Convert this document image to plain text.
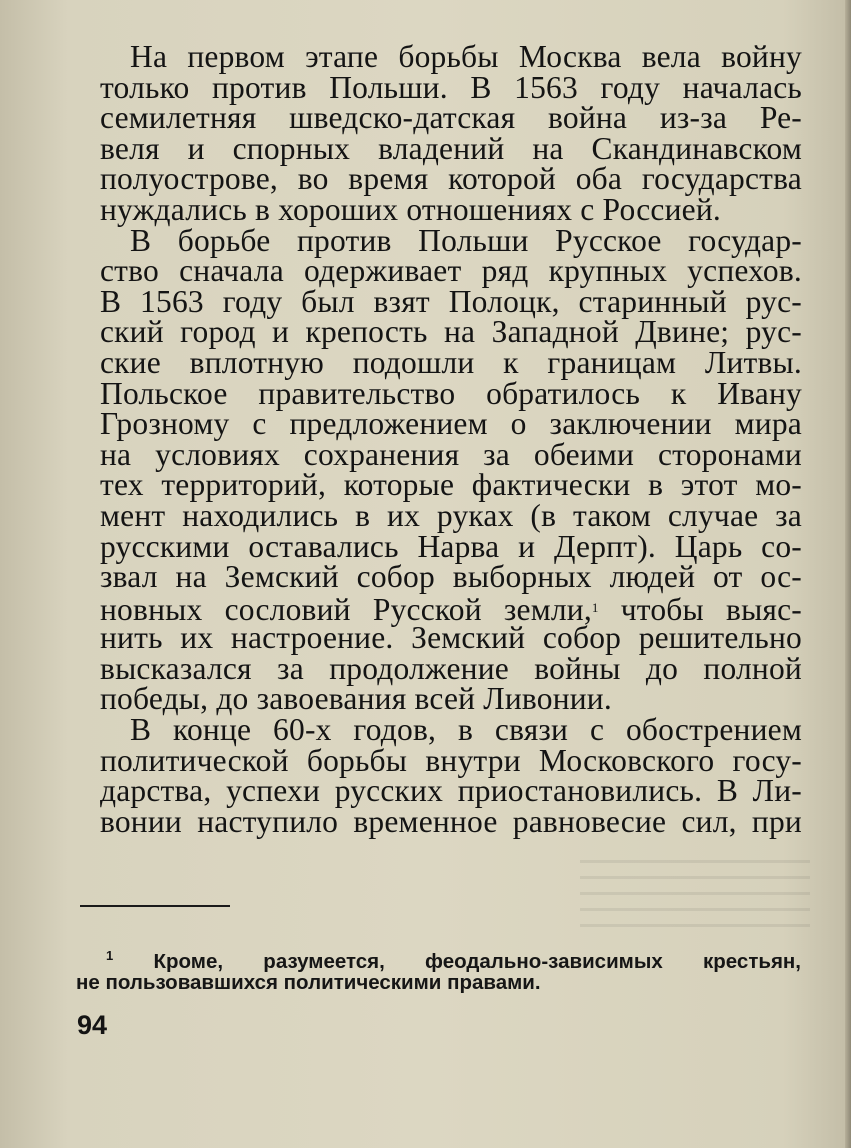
На первом этапе борьбы Москва вела войну
только против Польши. В 1563 году началась
семилетняя шведско-датская война из-за Ре-
веля и спорных владений на Скандинавском
полуострове, во время которой оба государства
нуждались в хороших отношениях с Россией.
В борьбе против Польши Русское государ-
ство сначала одерживает ряд крупных успехов.
В 1563 году был взят Полоцк, старинный рус-
ский город и крепость на Западной Двине; рус-
ские вплотную подошли к границам Литвы.
Польское правительство обратилось к Ивану
Грозному с предложением о заключении мира
на условиях сохранения за обеими сторонами
тех территорий, которые фактически в этот мо-
мент находились в их руках (в таком случае за
русскими оставались Нарва и Дерпт). Царь со-
звал на Земский собор выборных людей от ос-
новных сословий Русской земли,$^1$ чтобы выяс-
нить их настроение. Земский собор решительно
высказался за продолжение войны до полной
победы, до завоевания всей Ливонии.
В конце 60-х годов, в связи с обострением
политической борьбы внутри Московского госу-
дарства, успехи русских приостановились. В Ли-
вонии наступило временное равновесие сил, при
$^1$ Кроме, разумеется, феодально-зависимых крестьян,
не пользовавшихся политическими правами.
94
